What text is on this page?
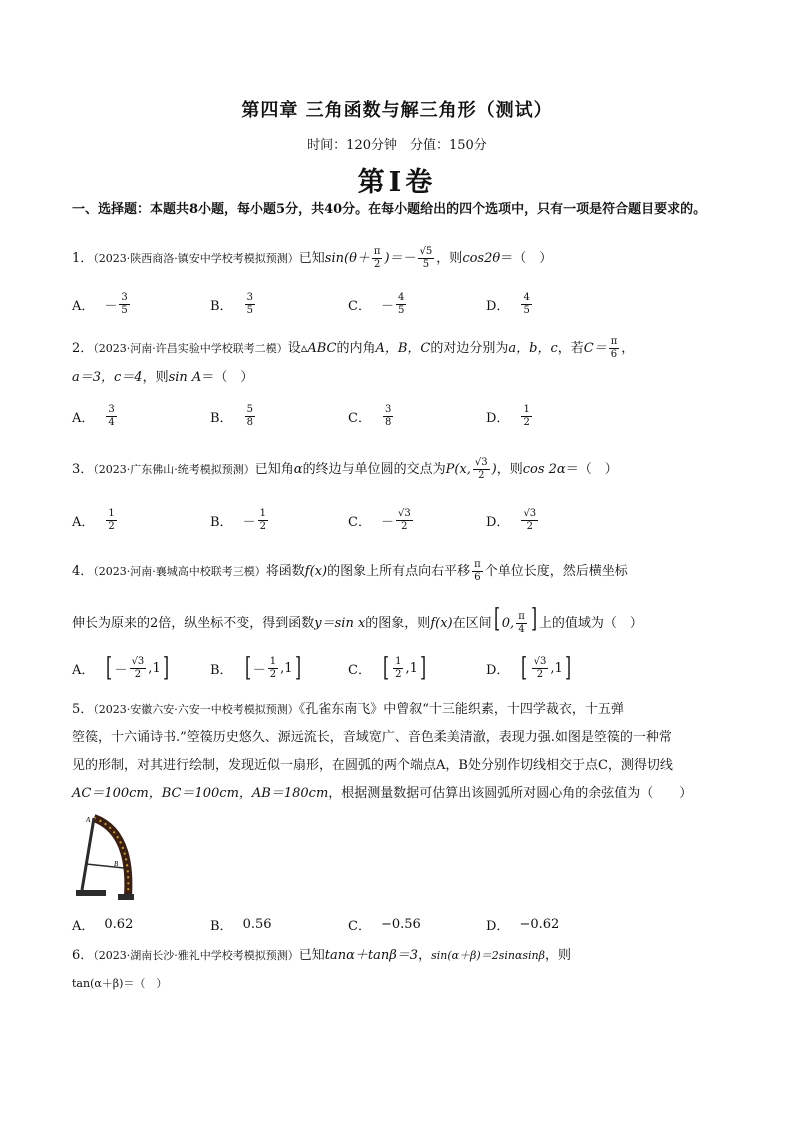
第四章 三角函数与解三角形（测试）
时间：120分钟　分值：150分
第Ⅰ卷
一、选择题：本题共8小题，每小题5分，共40分。在每小题给出的四个选项中，只有一项是符合题目要求的。
1．（2023·陕西商洛·镇安中学校考模拟预测）已知$\sin(\theta+ \frac{\pi}{2}$ )＝－ $\frac{√5}{5}$ ，则cos2θ＝（　）
A． － $\frac{3}{5}$	B． $\frac{3}{5}$	C． － $\frac{4}{5}$	D． $\frac{4}{5}$
2．（2023·河南·许昌实验中学校联考二模）设▵ABC的内角A，B，C的对边分别为a，b，c，若$C= \frac{\pi}{6}$ ，
a＝3，c＝4，则sin A＝（　）
A． $\frac{3}{4}$	B． $\frac{5}{8}$	C． $\frac{3}{8}$	D． $\frac{1}{2}$
3．（2023·广东佛山·统考模拟预测）已知角α的终边与单位圆的交点为P(x, $\frac{√3}{2}$ )，则cos 2α＝（　）
A． $\frac{1}{2}$	B． － $\frac{1}{2}$	C． － $\frac{√3}{2}$	D． $\frac{√3}{2}$
4．（2023·河南·襄城高中校联考三模）将函数f(x)的图象上所有点向右平移 $\frac{\pi}{6}$ 个单位长度，然后横坐标
伸长为原来的2倍，纵坐标不变，得到函数y＝sin x的图象，则f(x)在区间[ 0, $\frac{\pi}{4}$ ] 上的值域为（　）
A． [ － $\frac{√3}{2}$ , 1 ]	B． [ － $\frac{1}{2}$ , 1 ]	C． [ $\frac{1}{2}$ , 1 ]	D． [ $\frac{√3}{2}$ , 1 ]
5．（2023·安徽六安·六安一中校考模拟预测）《孔雀东南飞》中曾叙“十三能织素，十四学裁衣，十五弹
箜篌，十六诵诗书.”箜篌历史悠久、源远流长，音域宽广、音色柔美清澈，表现力强.如图是箜篌的一种常
见的形制，对其进行绘制，发现近似一扇形，在圆弧的两个端点A，B处分别作切线相交于点C，测得切线
AC＝100cm，BC＝100cm，AB＝180cm，根据测量数据可估算出该圆弧所对圆心角的余弦值为（　　）
A
B
A． 0.62	B． 0.56	C． −0.56	D． −0.62
6．（2023·湖南长沙·雅礼中学校考模拟预测）已知tanα＋tanβ＝3，sin(α＋β)＝2sinαsinβ，则
tan(α＋β)＝（　）
